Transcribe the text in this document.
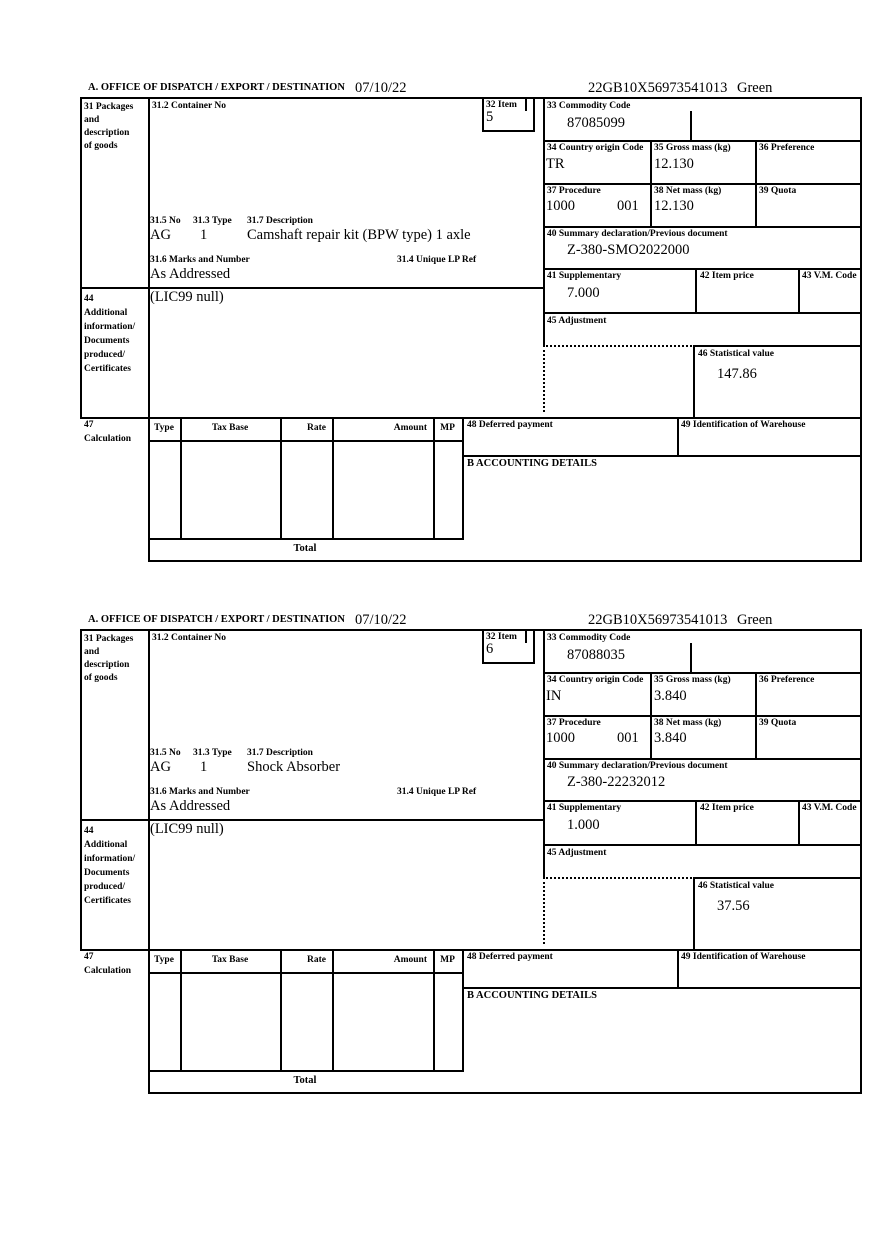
A. OFFICE OF DISPATCH / EXPORT / DESTINATION 07/10/22	22GB10X56973541013 Green
31 Packages
and
description
of goods
31.2 Container No	32 Item
5
33 Commodity Code
87085099
34 Country origin Code
TR
35 Gross mass (kg)
12.130
36 Preference
37 Procedure
1000	001
38 Net mass (kg)
12.130
39 Quota
31.5 No 31.3 Type 31.7 Description
AG 1	Camshaft repair kit (BPW type) 1 axle	40 Summary declaration/Previous document
Z-380-SMO2022000
31.6 Marks and Number	31.4 Unique LP Ref
As Addressed	41 Supplementary
7.000
42 Item price	43 V.M. Code
(LIC99 null)
44
Additional
information/
Documents
produced/
Certificates
45 Adjustment
46 Statistical value
147.86
47
Calculation
Type	Tax Base	Rate	Amount	MP	48 Deferred payment	49 Identification of Warehouse
B ACCOUNTING DETAILS
Total
A. OFFICE OF DISPATCH / EXPORT / DESTINATION 07/10/22	22GB10X56973541013 Green
31 Packages
and
description
of goods
31.2 Container No	32 Item
6
33 Commodity Code
87088035
34 Country origin Code
IN
35 Gross mass (kg)
3.840
36 Preference
37 Procedure
1000	001
38 Net mass (kg)
3.840
39 Quota
31.5 No 31.3 Type 31.7 Description
AG 1	Shock Absorber	40 Summary declaration/Previous document
Z-380-22232012
31.6 Marks and Number	31.4 Unique LP Ref
As Addressed	41 Supplementary
1.000
42 Item price	43 V.M. Code
(LIC99 null)
44
Additional
information/
Documents
produced/
Certificates
45 Adjustment
46 Statistical value
37.56
47
Calculation
Type	Tax Base	Rate	Amount	MP	48 Deferred payment	49 Identification of Warehouse
B ACCOUNTING DETAILS
Total
